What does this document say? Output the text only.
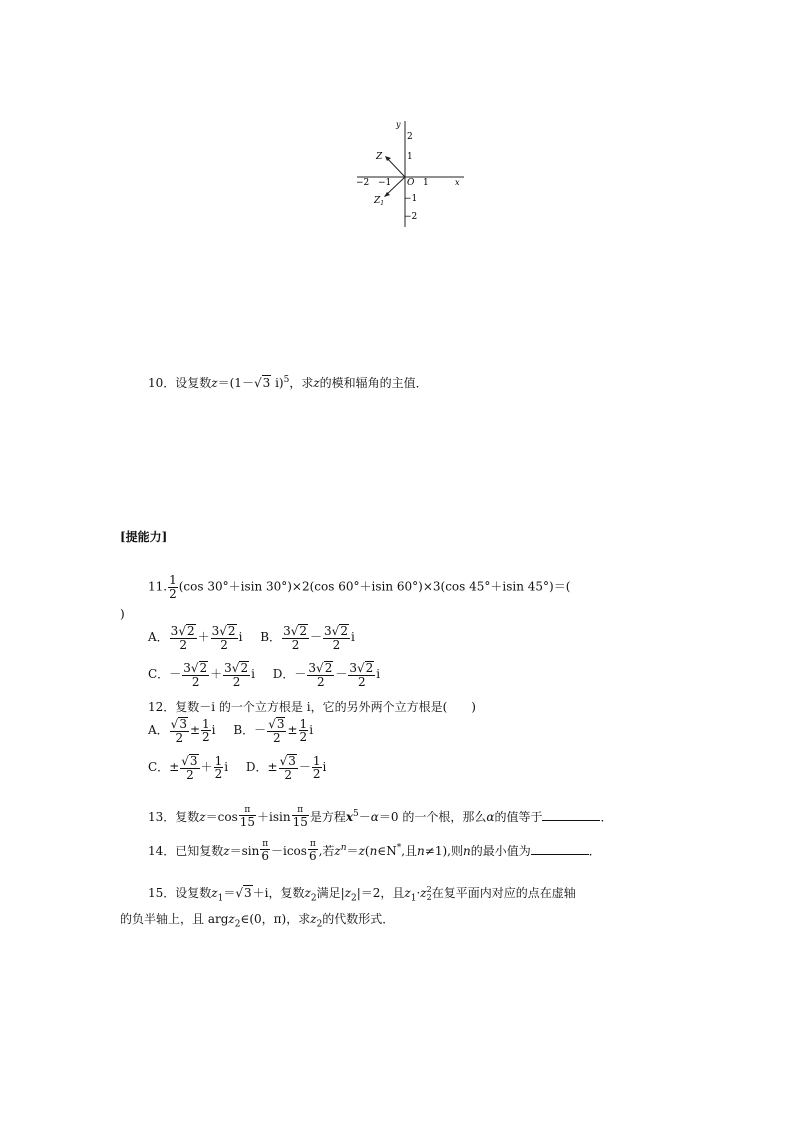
y
x
O
2
1
−1
−2
−2 −1	1
Z
$Z_1$
10．设复数z＝(1－√3 i)$^5$，求z的模和辐角的主值．
[提能力]
11. $\frac{1}{2} (\cos$ 30°＋isin 30°)×2(cos 60°＋isin 60°)×3(cos 45°＋isin 45°)＝(
)
A． $\frac{3√2}{2} + \frac{3√2}{2}$ i B． $\frac{3√2}{2} - \frac{3√2}{2}$ i
C．－ $\frac{3√2}{2} + \frac{3√2}{2}$ i D．－ $\frac{3√2}{2} - \frac{3√2}{2}$ i
12．复数－i 的一个立方根是 i，它的另外两个立方根是(　　)
A． $\frac{√3}{2} \pm \frac{1}{2}$ i B．－ $\frac{√3}{2} \pm \frac{1}{2}$ i
C．± $\frac{√3}{2} + \frac{1}{2}$ i D．± $\frac{√3}{2} - \frac{1}{2}$ i
13．复数$z=\cos \frac{\pi}{15} +isin \frac{\pi}{15}$ 是方程$x^5-\alpha=0$ 的一个根，那么α的值等于	．
14．已知复数$z=\sin \frac{\pi}{6} -icos \frac{\pi}{6}$ ,若$z^n=z(n\in N^*$,且n≠1),则n的最小值为	．
15．设复数$z_1=√3+i$，复数$z_2$满足$|z_2|=2$，且$z_1\cdot z$ 2
2 在复平面内对应的点在虚轴
的负半轴上，且 argz$_2$∈(0，π)，求$z_2$的代数形式．
